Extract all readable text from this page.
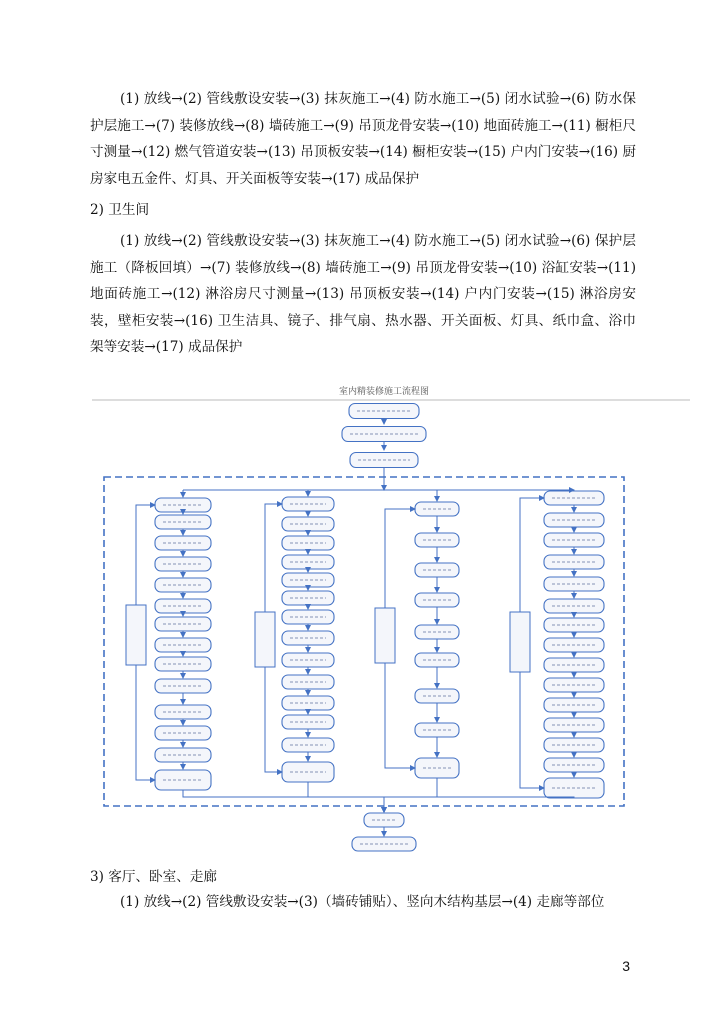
(1) 放线→(2) 管线敷设安装→(3) 抹灰施工→(4) 防水施工→(5) 闭水试验→(6) 防水保护层施工→(7) 装修放线→(8) 墙砖施工→(9) 吊顶龙骨安装→(10) 地面砖施工→(11) 橱柜尺寸测量→(12) 燃气管道安装→(13) 吊顶板安装→(14) 橱柜安装→(15) 户内门安装→(16) 厨房家电五金件、灯具、开关面板等安装→(17) 成品保护

2) 卫生间

(1) 放线→(2) 管线敷设安装→(3) 抹灰施工→(4) 防水施工→(5) 闭水试验→(6) 保护层施工（降板回填）→(7) 装修放线→(8) 墙砖施工→(9) 吊顶龙骨安装→(10) 浴缸安装→(11) 地面砖施工→(12) 淋浴房尺寸测量→(13) 吊顶板安装→(14) 户内门安装→(15) 淋浴房安装，壁柜安装→(16) 卫生洁具、镜子、排气扇、热水器、开关面板、灯具、纸巾盒、浴巾架等安装→(17) 成品保护

室内精装修施工流程图

3) 客厅、卧室、走廊

(1) 放线→(2) 管线敷设安装→(3)（墙砖铺贴）、竖向木结构基层→(4) 走廊等部位

3
